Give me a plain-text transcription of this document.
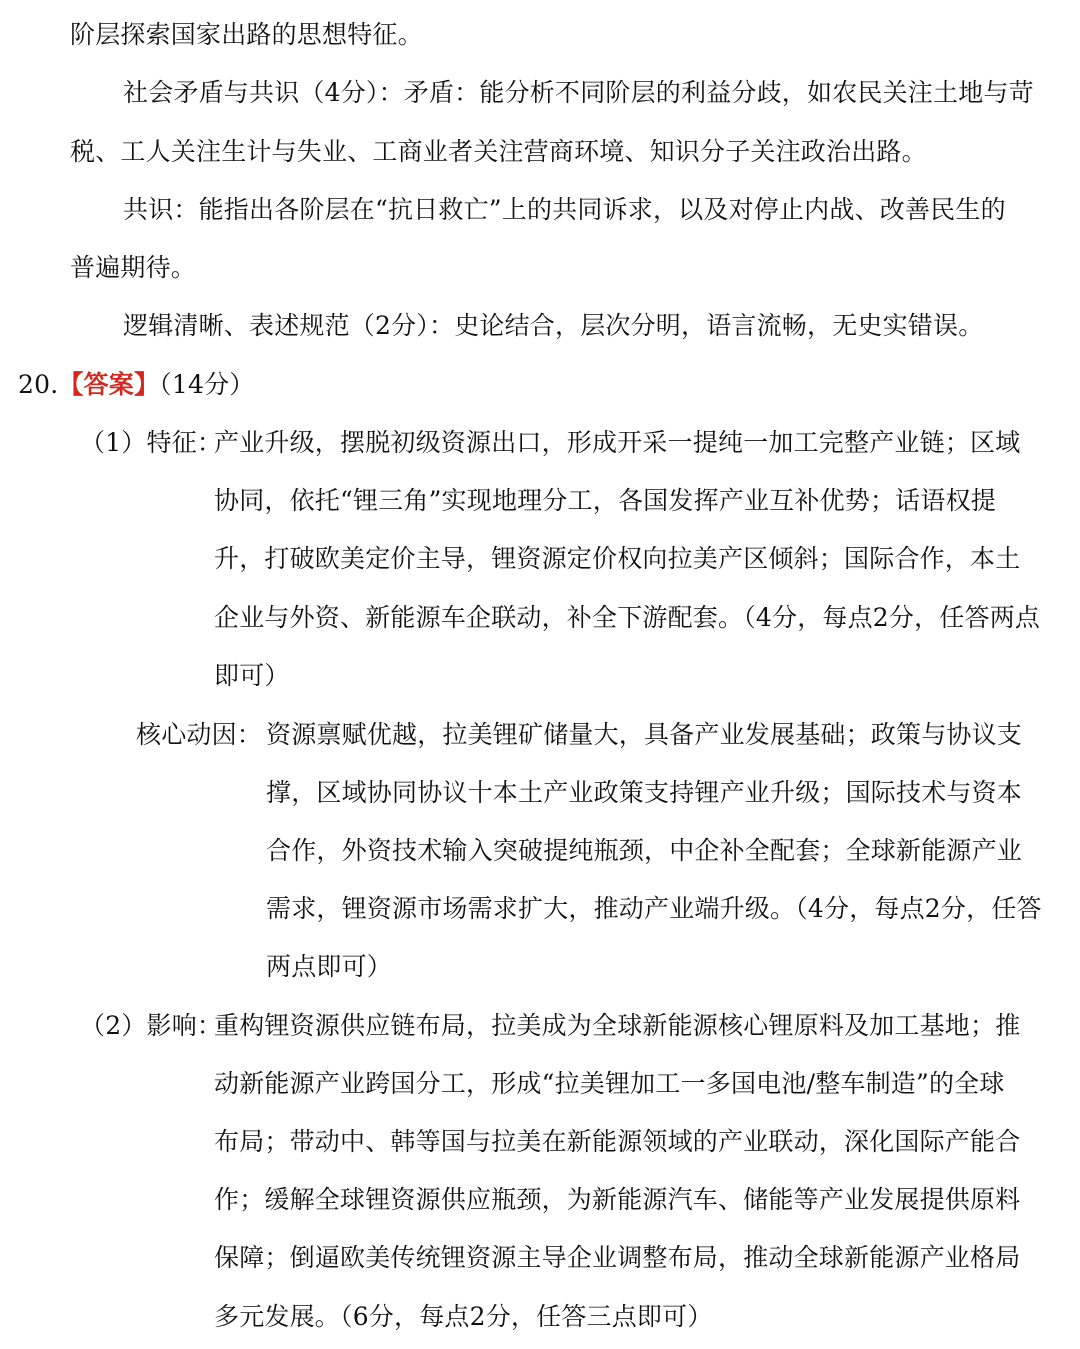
阶层探索国家出路的思想特征。
社会矛盾与共识（4分）：矛盾：能分析不同阶层的利益分歧，如农民关注土地与苛
税、工人关注生计与失业、工商业者关注营商环境、知识分子关注政治出路。
共识：能指出各阶层在“抗日救亡”上的共同诉求，以及对停止内战、改善民生的
普遍期待。
逻辑清晰、表述规范（2分）：史论结合，层次分明，语言流畅，无史实错误。
20.【答案】（14分）
（1）特征：
产业升级，摆脱初级资源出口，形成开采一提纯一加工完整产业链；区域
协同，依托“锂三角”实现地理分工，各国发挥产业互补优势；话语权提
升，打破欧美定价主导，锂资源定价权向拉美产区倾斜；国际合作，本土
企业与外资、新能源车企联动，补全下游配套。（4分，每点2分，任答两点
即可）
核心动因： 资源禀赋优越，拉美锂矿储量大，具备产业发展基础；政策与协议支
撑，区域协同协议十本土产业政策支持锂产业升级；国际技术与资本
合作，外资技术输入突破提纯瓶颈，中企补全配套；全球新能源产业
需求，锂资源市场需求扩大，推动产业端升级。（4分，每点2分，任答
两点即可）
（2）影响：
重构锂资源供应链布局，拉美成为全球新能源核心锂原料及加工基地；推
动新能源产业跨国分工，形成“拉美锂加工一多国电池/整车制造”的全球
布局；带动中、韩等国与拉美在新能源领域的产业联动，深化国际产能合
作；缓解全球锂资源供应瓶颈，为新能源汽车、储能等产业发展提供原料
保障；倒逼欧美传统锂资源主导企业调整布局，推动全球新能源产业格局
多元发展。（6分，每点2分，任答三点即可）
